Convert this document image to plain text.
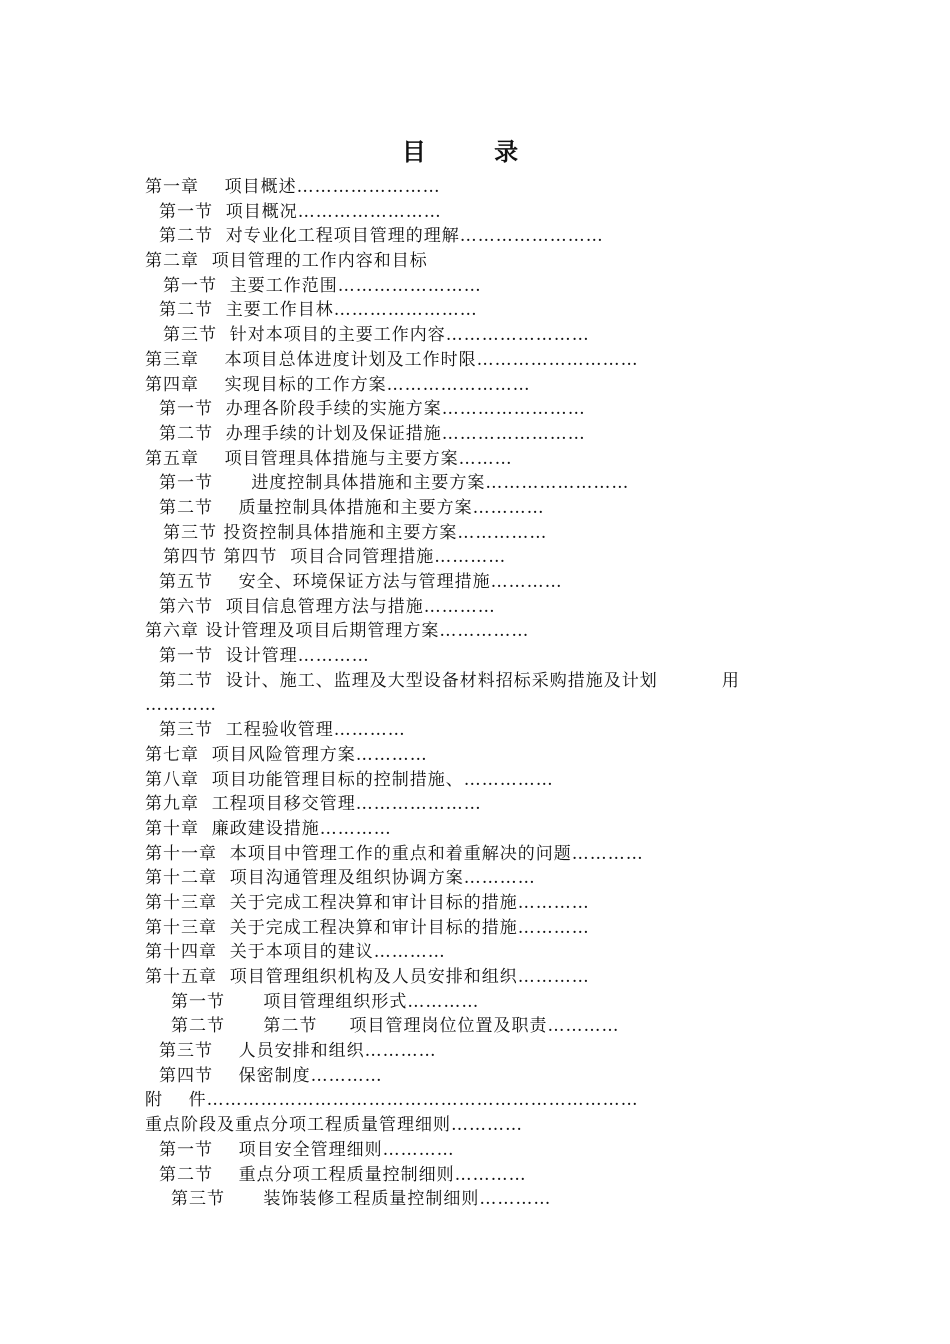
目 录
第一章    项目概述……………………
第一节  项目概况……………………
第二节  对专业化工程项目管理的理解……………………
第二章  项目管理的工作内容和目标
第一节  主要工作范围……………………
第二节  主要工作目林……………………
第三节  针对本项目的主要工作内容……………………
第三章    本项目总体进度计划及工作时限………………………
第四章    实现目标的工作方案……………………
第一节  办理各阶段手续的实施方案……………………
第二节  办理手续的计划及保证措施……………………
第五章    项目管理具体措施与主要方案………
第一节      进度控制具体措施和主要方案……………………
第二节    质量控制具体措施和主要方案…………
第三节 投资控制具体措施和主要方案……………
第四节 第四节  项目合同管理措施…………
第五节    安全、环境保证方法与管理措施…………
第六节  项目信息管理方法与措施…………
第六章 设计管理及项目后期管理方案……………
第一节  设计管理…………
第二节  设计、施工、监理及大型设备材料招标采购措施及计划          用
…………
第三节  工程验收管理…………
第七章  项目风险管理方案…………
第八章  项目功能管理目标的控制措施、……………
第九章  工程项目移交管理…………………
第十章  廉政建设措施…………
第十一章  本项目中管理工作的重点和着重解决的问题…………
第十二章  项目沟通管理及组织协调方案…………
第十三章  关于完成工程决算和审计目标的措施…………
第十三章  关于完成工程决算和审计目标的措施…………
第十四章  关于本项目的建议…………
第十五章  项目管理组织机构及人员安排和组织…………
第一节      项目管理组织形式…………
第二节      第二节     项目管理岗位位置及职责…………
第三节    人员安排和组织…………
第四节    保密制度…………
附    件………………………………………………………………
重点阶段及重点分项工程质量管理细则…………
第一节    项目安全管理细则…………
第二节    重点分项工程质量控制细则…………
第三节      装饰装修工程质量控制细则…………
